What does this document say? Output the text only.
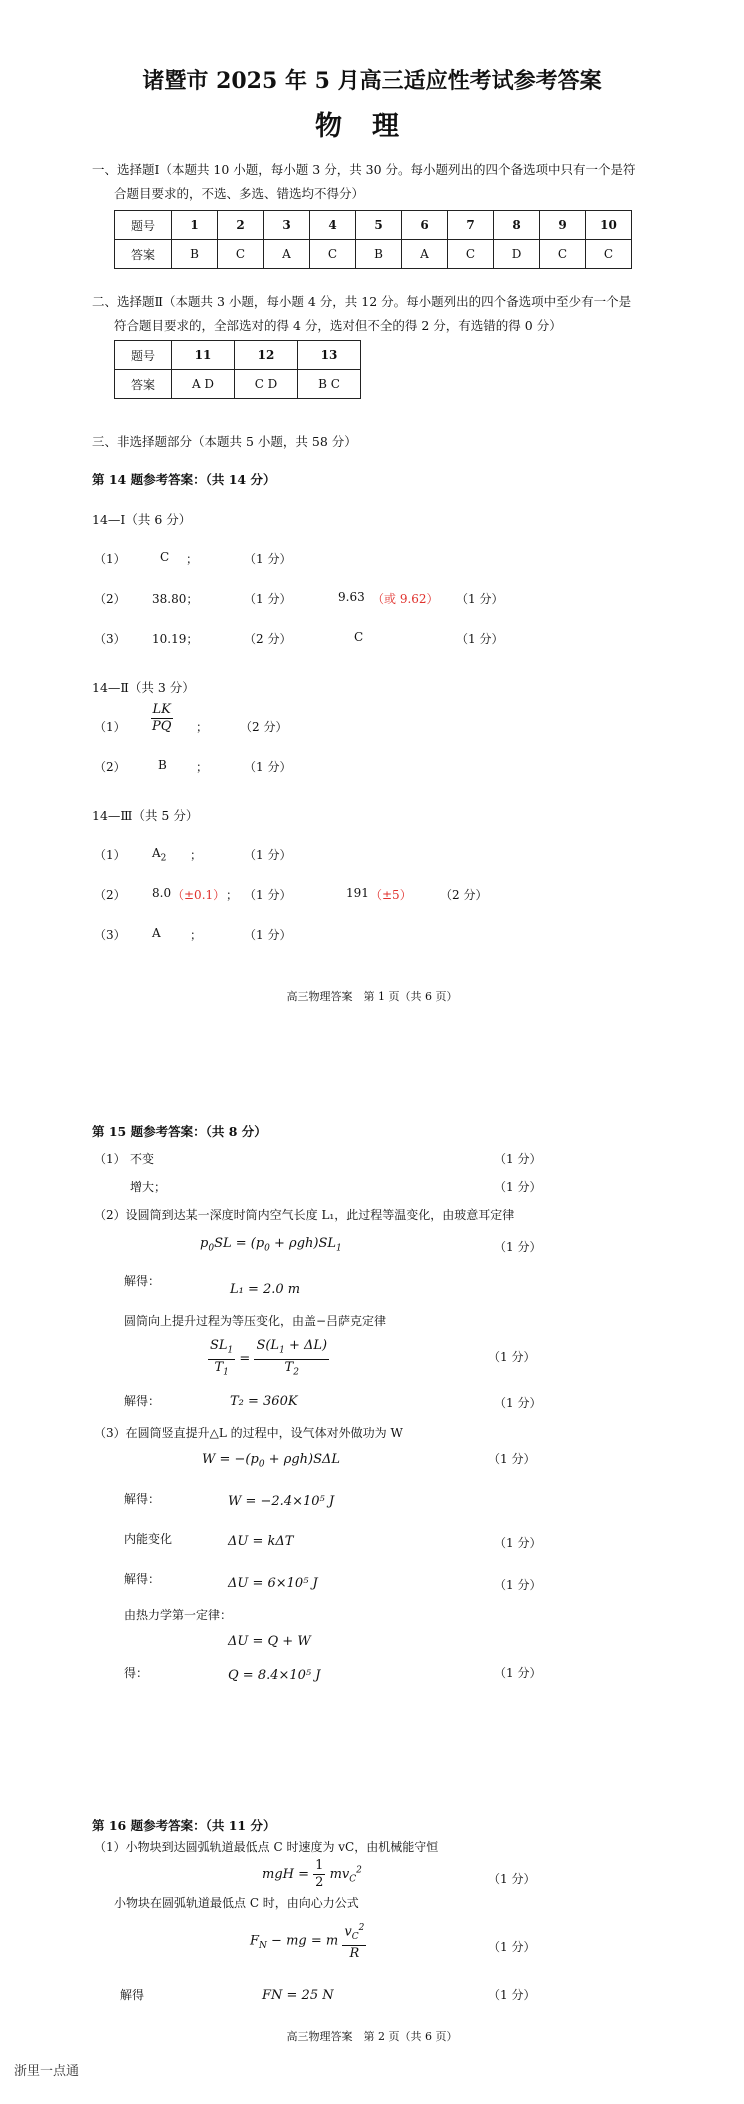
诸暨市 2025 年 5 月高三适应性考试参考答案
物理
一、选择题Ⅰ（本题共 10 小题，每小题 3 分，共 30 分。每小题列出的四个备选项中只有一个是符
合题目要求的，不选、多选、错选均不得分）
题号	1	2	3	4	5	6	7	8	9	10
答案	B	C	A	C	B	A	C	D	C	C
二、选择题Ⅱ（本题共 3 小题，每小题 4 分，共 12 分。每小题列出的四个备选项中至少有一个是
符合题目要求的，全部选对的得 4 分，选对但不全的得 2 分，有选错的得 0 分）
题号	11	12	13
答案	A D	C D	B C
三、非选择题部分（本题共 5 小题，共 58 分）
第 14 题参考答案：（共 14 分）
14—Ⅰ（共 6 分）
（1）	C ；	（1 分）
（2） 38.80；	（1 分）	9.63 （或 9.62） （1 分）
（3） 10.19；	（2 分）	C	（1 分）
14—Ⅱ（共 3 分）
$(1) \frac{LK}{PQ}$ ；	（2 分）
（2）	B ；	（1 分）
14—Ⅲ（共 5 分）
（1） $A_2$ ；	（1 分）
（2） 8.0 （±0.1） ； （1 分）	191 （±5） （2 分）
（3） A ；	（1 分）
高三物理答案　第 1 页（共 6 页）
第 15 题参考答案：（共 8 分）
（1） 不变	（1 分）
增大；	（1 分）
（2）设圆筒到达某一深度时筒内空气长度 L₁，此过程等温变化，由玻意耳定律
$p_0SL = (p_0 + \rho gh)SL_1$	（1 分）
解得：
L₁ = 2.0 m
圆筒向上提升过程为等压变化，由盖−吕萨克定律
$\frac{SL_1}{T_1} = \frac{S(L_1 + \Delta L)}{T_2}$	（1 分）
解得：	T₂ = 360K	（1 分）
（3）在圆筒竖直提升△L 的过程中，设气体对外做功为 W
$W = -(p_0 + \rho gh)S\Delta L$	（1 分）
解得：	W = −2.4×10⁵ J
内能变化	ΔU = kΔT	（1 分）
解得：	ΔU = 6×10⁵ J	（1 分）
由热力学第一定律：
ΔU = Q + W
得：	Q = 8.4×10⁵ J	（1 分）
第 16 题参考答案：（共 11 分）
（1）小物块到达圆弧轨道最低点 C 时速度为 vC，由机械能守恒
mgH = $\frac{1}{2} mv_C^2$
（1 分）
小物块在圆弧轨道最低点 C 时，由向心力公式
$F_N$ − mg = m $\frac{v_C^2}{R}$	（1 分）
解得	FN = 25 N	（1 分）
高三物理答案　第 2 页（共 6 页）
浙里一点通
